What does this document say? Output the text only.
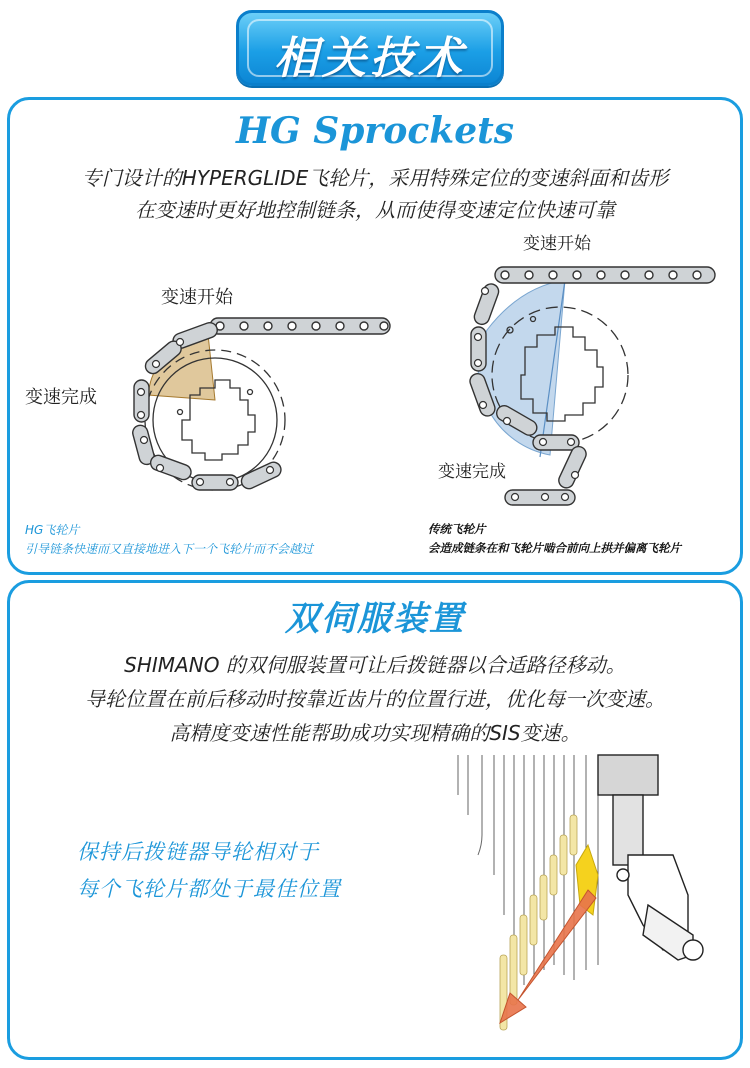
相关技术
HG Sprockets
专门设计的HYPERGLIDE飞轮片，采用特殊定位的变速斜面和齿形
在变速时更好地控制链条，从而使得变速定位快速可靠
变速开始
变速完成
HG飞轮片
引导链条快速而又直接地进入下一个飞轮片而不会越过
变速开始
变速完成
传统飞轮片
会造成链条在和飞轮片啮合前向上拱并偏离飞轮片
双伺服装置
SHIMANO 的双伺服装置可让后拨链器以合适路径移动。
导轮位置在前后移动时按靠近齿片的位置行进，优化每一次变速。
高精度变速性能帮助成功实现精确的SIS变速。
保持后拨链器导轮相对于
每个飞轮片都处于最佳位置
